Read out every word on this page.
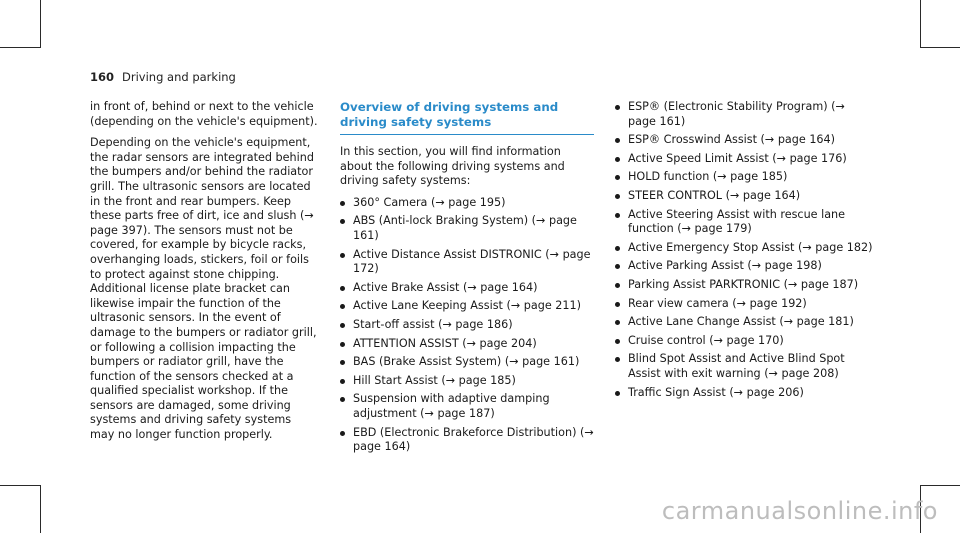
160 Driving and parking

in front of, behind or next to the vehicle (depending on the vehicle's equipment).

Depending on the vehicle's equipment, the radar sensors are integrated behind the bumpers and/or behind the radiator grill. The ultrasonic sensors are located in the front and rear bumpers. Keep these parts free of dirt, ice and slush (→ page 397). The sensors must not be covered, for example by bicycle racks, overhanging loads, stickers, foil or foils to protect against stone chipping. Additional license plate bracket can likewise impair the function of the ultrasonic sensors. In the event of damage to the bumpers or radiator grill, or following a collision impacting the bumpers or radiator grill, have the function of the sensors checked at a qualified specialist workshop. If the sensors are damaged, some driving systems and driving safety systems may no longer function properly.

Overview of driving systems and driving safety systems

In this section, you will find information about the following driving systems and driving safety systems:

360° Camera (→ page 195)
ABS (Anti-lock Braking System) (→ page 161)
Active Distance Assist DISTRONIC (→ page 172)
Active Brake Assist (→ page 164)
Active Lane Keeping Assist (→ page 211)
Start-off assist (→ page 186)
ATTENTION ASSIST (→ page 204)
BAS (Brake Assist System) (→ page 161)
Hill Start Assist (→ page 185)
Suspension with adaptive damping adjustment (→ page 187)
EBD (Electronic Brakeforce Distribution) (→ page 164)
ESP® (Electronic Stability Program) (→ page 161)
ESP® Crosswind Assist (→ page 164)
Active Speed Limit Assist (→ page 176)
HOLD function (→ page 185)
STEER CONTROL (→ page 164)
Active Steering Assist with rescue lane function (→ page 179)
Active Emergency Stop Assist (→ page 182)
Active Parking Assist (→ page 198)
Parking Assist PARKTRONIC (→ page 187)
Rear view camera (→ page 192)
Active Lane Change Assist (→ page 181)
Cruise control (→ page 170)
Blind Spot Assist and Active Blind Spot Assist with exit warning (→ page 208)
Traffic Sign Assist (→ page 206)
carmanualsonline.info
